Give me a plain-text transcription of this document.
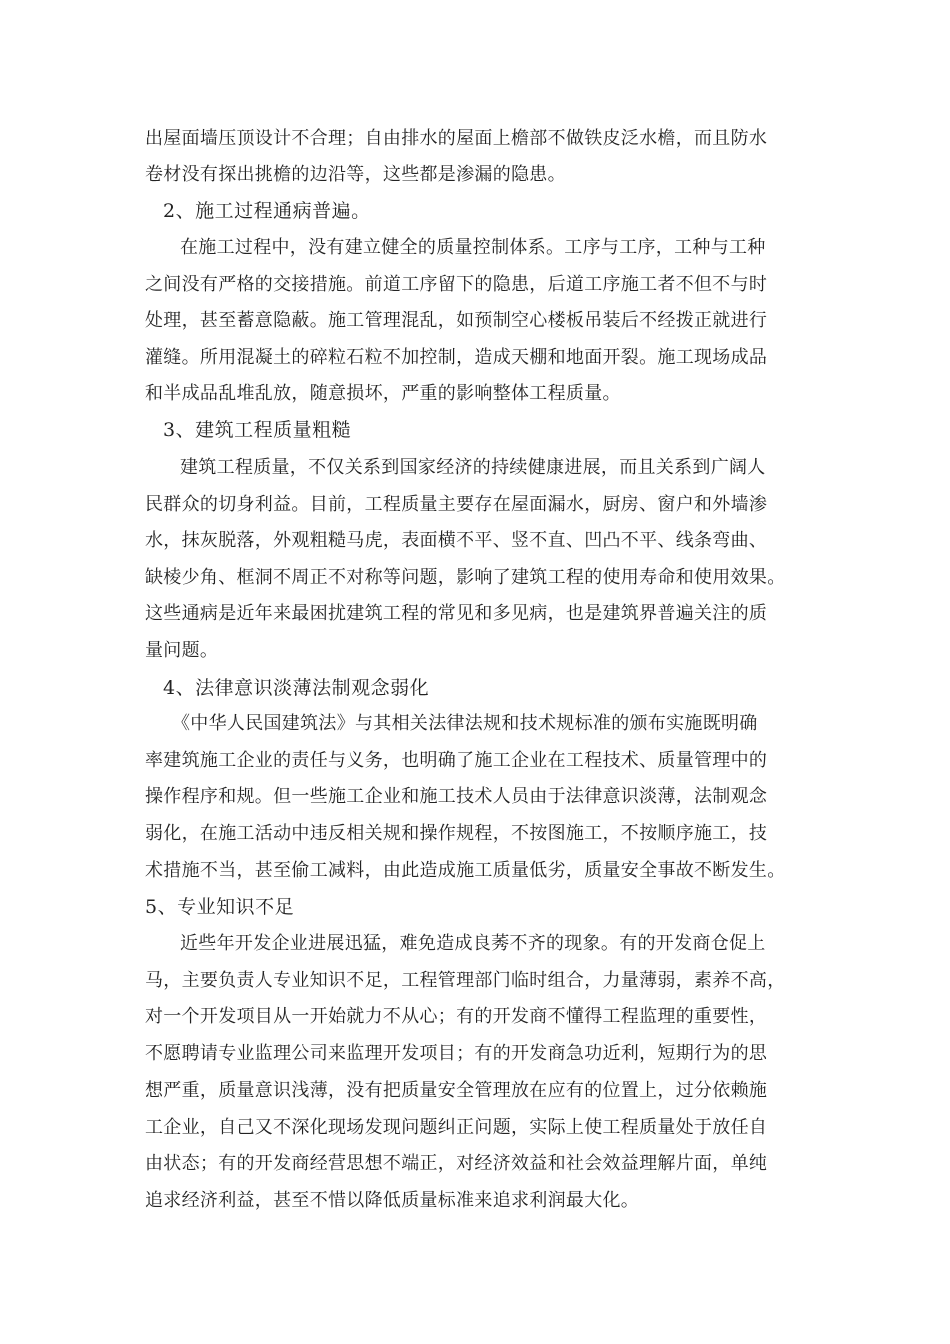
出屋面墙压顶设计不合理；自由排水的屋面上檐部不做铁皮泛水檐，而且防水
卷材没有探出挑檐的边沿等，这些都是渗漏的隐患。
2、施工过程通病普遍。
在施工过程中，没有建立健全的质量控制体系。工序与工序，工种与工种
之间没有严格的交接措施。前道工序留下的隐患，后道工序施工者不但不与时
处理，甚至蓄意隐蔽。施工管理混乱，如预制空心楼板吊装后不经拨正就进行
灌缝。所用混凝土的碎粒石粒不加控制，造成天棚和地面开裂。施工现场成品
和半成品乱堆乱放，随意损坏，严重的影响整体工程质量。
3、建筑工程质量粗糙
建筑工程质量，不仅关系到国家经济的持续健康进展，而且关系到广阔人
民群众的切身利益。目前，工程质量主要存在屋面漏水，厨房、窗户和外墙渗
水，抹灰脱落，外观粗糙马虎，表面横不平、竖不直、凹凸不平、线条弯曲、
缺棱少角、框洞不周正不对称等问题，影响了建筑工程的使用寿命和使用效果。
这些通病是近年来最困扰建筑工程的常见和多见病，也是建筑界普遍关注的质
量问题。
4、法律意识淡薄法制观念弱化
《中华人民国建筑法》与其相关法律法规和技术规标准的颁布实施既明确
率建筑施工企业的责任与义务，也明确了施工企业在工程技术、质量管理中的
操作程序和规。但一些施工企业和施工技术人员由于法律意识淡薄，法制观念
弱化，在施工活动中违反相关规和操作规程，不按图施工，不按顺序施工，技
术措施不当，甚至偷工减料，由此造成施工质量低劣，质量安全事故不断发生。
5、专业知识不足
近些年开发企业进展迅猛，难免造成良莠不齐的现象。有的开发商仓促上
马，主要负责人专业知识不足，工程管理部门临时组合，力量薄弱，素养不高，
对一个开发项目从一开始就力不从心；有的开发商不懂得工程监理的重要性，
不愿聘请专业监理公司来监理开发项目；有的开发商急功近利，短期行为的思
想严重，质量意识浅薄，没有把质量安全管理放在应有的位置上，过分依赖施
工企业，自己又不深化现场发现问题纠正问题，实际上使工程质量处于放任自
由状态；有的开发商经营思想不端正，对经济效益和社会效益理解片面，单纯
追求经济利益，甚至不惜以降低质量标准来追求利润最大化。
